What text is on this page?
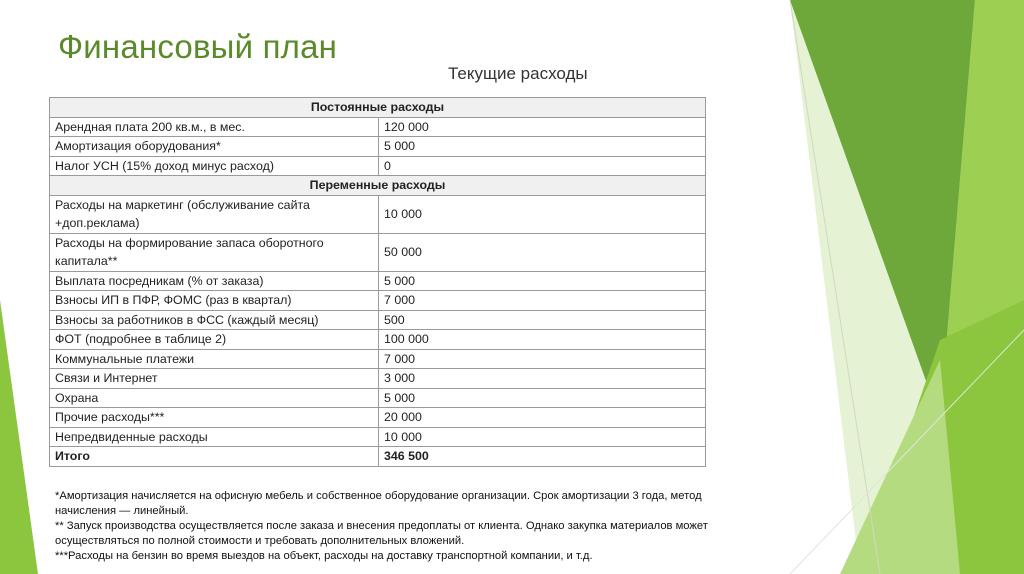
Финансовый план
Текущие расходы
Постоянные расходы	
Арендная плата 200 кв.м., в мес.	120 000
Амортизация оборудования*	5 000
Налог УСН (15% доход минус расход)	0
Переменные расходы	
Расходы на маркетинг (обслуживание сайта +доп.реклама)	10 000
Расходы на формирование запаса оборотного капитала**	50 000
Выплата посредникам (% от заказа)	5 000
Взносы ИП в ПФР, ФОМС (раз в квартал)	7 000
Взносы за работников в ФСС (каждый месяц)	500
ФОТ (подробнее в таблице 2)	100 000
Коммунальные платежи	7 000
Связи и Интернет	3 000
Охрана	5 000
Прочие расходы***	20 000
Непредвиденные расходы	10 000
Итого	346 500
*Амортизация начисляется на офисную мебель и собственное оборудование организации. Срок амортизации 3 года, метод начисления — линейный.
** Запуск производства осуществляется после заказа и внесения предоплаты от клиента. Однако закупка материалов может осуществляться по полной стоимости и требовать дополнительных вложений.
***Расходы на бензин во время выездов на объект, расходы на доставку транспортной компании, и т.д.
